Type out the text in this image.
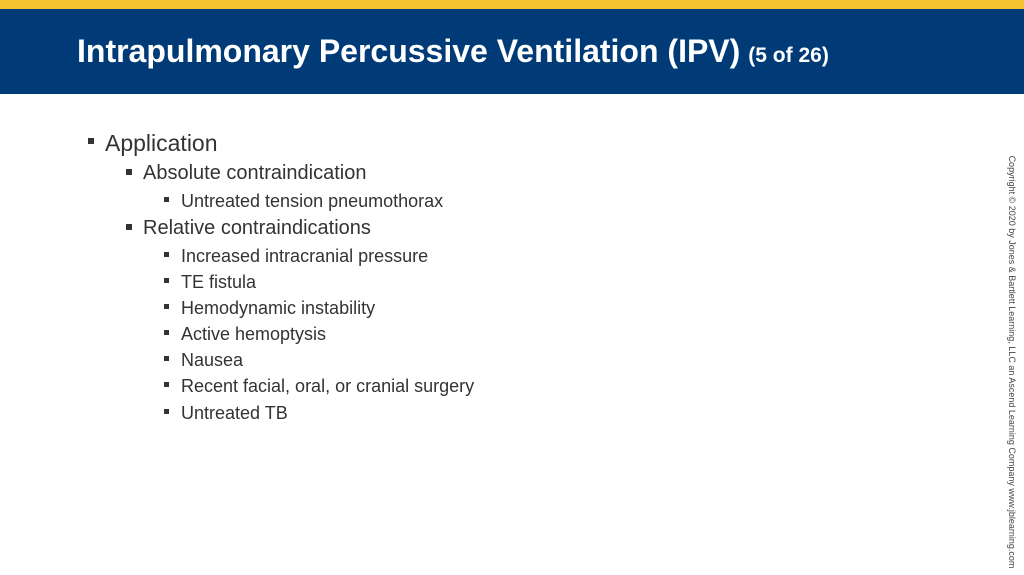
Intrapulmonary Percussive Ventilation (IPV) (5 of 26)
Application
Absolute contraindication
Untreated tension pneumothorax
Relative contraindications
Increased intracranial pressure
TE fistula
Hemodynamic instability
Active hemoptysis
Nausea
Recent facial, oral, or cranial surgery
Untreated TB	Copyright © 2020 by Jones & Bartlett Learning, LLC an Ascend Learning Company www.jblearning.com
